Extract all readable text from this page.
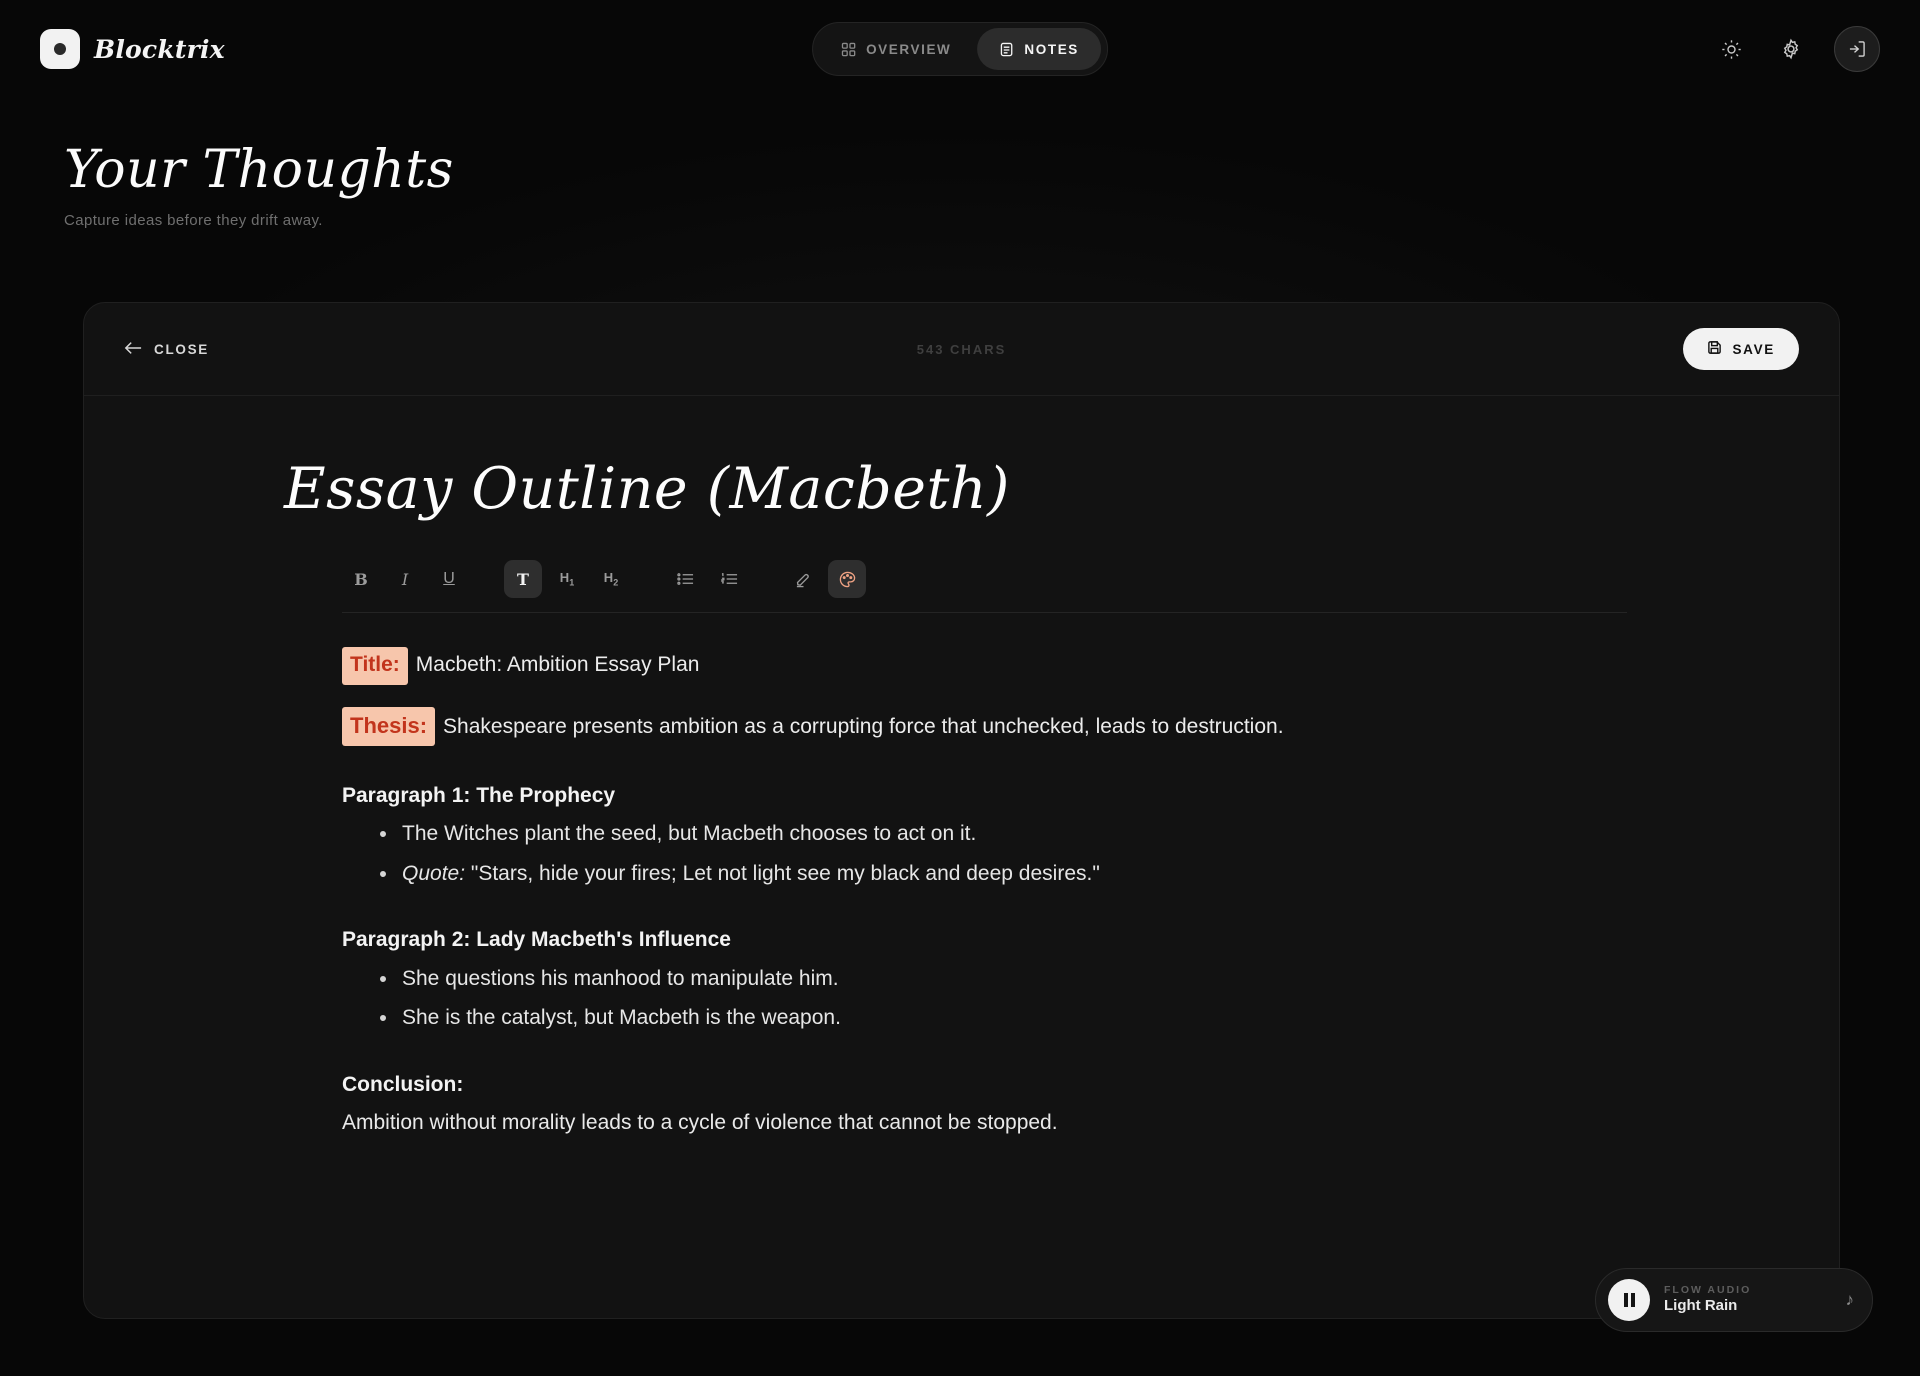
Blocktrix	OVERVIEW	NOTES
Your Thoughts
Capture ideas before they drift away.
CLOSE	543 CHARS	SAVE
Essay Outline (Macbeth)
B I U	T $H_1$ $H_2$
Title: Macbeth: Ambition Essay Plan
Thesis: Shakespeare presents ambition as a corrupting force that unchecked, leads to destruction.
Paragraph 1: The Prophecy
The Witches plant the seed, but Macbeth chooses to act on it.
Quote: "Stars, hide your fires; Let not light see my black and deep desires."
Paragraph 2: Lady Macbeth's Influence
She questions his manhood to manipulate him.
She is the catalyst, but Macbeth is the weapon.
Conclusion:
Ambition without morality leads to a cycle of violence that cannot be stopped.
FLOW AUDIO
Light Rain	♪
